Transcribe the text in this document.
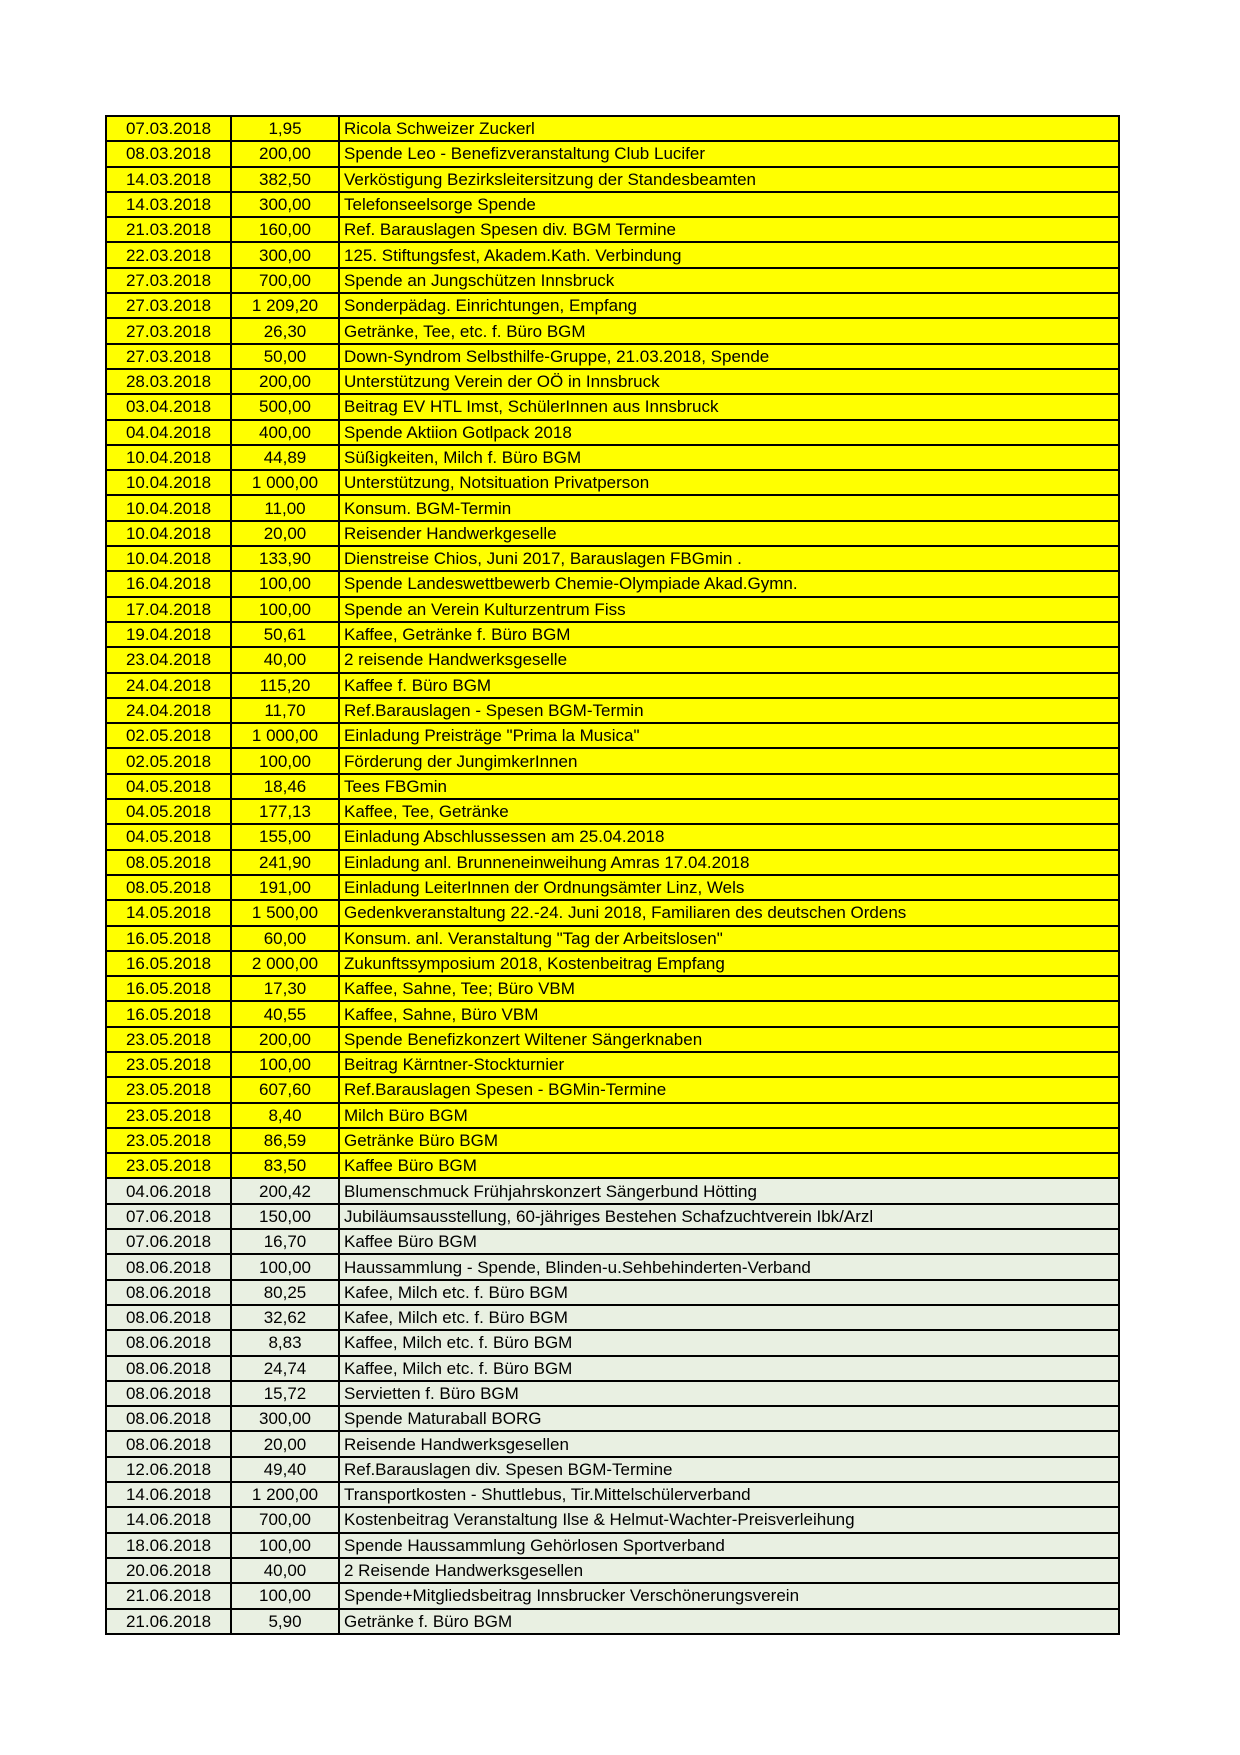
07.03.2018	1,95	Ricola Schweizer Zuckerl
08.03.2018	200,00	Spende Leo - Benefizveranstaltung Club Lucifer
14.03.2018	382,50	Verköstigung Bezirksleitersitzung der Standesbeamten
14.03.2018	300,00	Telefonseelsorge Spende
21.03.2018	160,00	Ref. Barauslagen Spesen div. BGM Termine
22.03.2018	300,00	125. Stiftungsfest, Akadem.Kath. Verbindung
27.03.2018	700,00	Spende an Jungschützen Innsbruck
27.03.2018	1 209,20	Sonderpädag. Einrichtungen, Empfang
27.03.2018	26,30	Getränke, Tee, etc. f. Büro BGM
27.03.2018	50,00	Down-Syndrom Selbsthilfe-Gruppe, 21.03.2018, Spende
28.03.2018	200,00	Unterstützung Verein der OÖ in Innsbruck
03.04.2018	500,00	Beitrag EV HTL Imst, SchülerInnen aus Innsbruck
04.04.2018	400,00	Spende Aktiion Gotlpack 2018
10.04.2018	44,89	Süßigkeiten, Milch f. Büro BGM
10.04.2018	1 000,00	Unterstützung, Notsituation Privatperson
10.04.2018	11,00	Konsum. BGM-Termin
10.04.2018	20,00	Reisender Handwerkgeselle
10.04.2018	133,90	Dienstreise Chios, Juni 2017, Barauslagen FBGmin .
16.04.2018	100,00	Spende Landeswettbewerb Chemie-Olympiade Akad.Gymn.
17.04.2018	100,00	Spende an Verein Kulturzentrum Fiss
19.04.2018	50,61	Kaffee, Getränke f. Büro BGM
23.04.2018	40,00	2 reisende Handwerksgeselle
24.04.2018	115,20	Kaffee f. Büro BGM
24.04.2018	11,70	Ref.Barauslagen - Spesen BGM-Termin
02.05.2018	1 000,00	Einladung Preisträge "Prima la Musica"
02.05.2018	100,00	Förderung der JungimkerInnen
04.05.2018	18,46	Tees FBGmin
04.05.2018	177,13	Kaffee, Tee, Getränke
04.05.2018	155,00	Einladung Abschlussessen am 25.04.2018
08.05.2018	241,90	Einladung anl. Brunneneinweihung Amras 17.04.2018
08.05.2018	191,00	Einladung LeiterInnen der Ordnungsämter Linz, Wels
14.05.2018	1 500,00	Gedenkveranstaltung 22.-24. Juni 2018, Familiaren des deutschen Ordens
16.05.2018	60,00	Konsum. anl. Veranstaltung "Tag der Arbeitslosen"
16.05.2018	2 000,00	Zukunftssymposium 2018, Kostenbeitrag Empfang
16.05.2018	17,30	Kaffee, Sahne, Tee; Büro VBM
16.05.2018	40,55	Kaffee, Sahne, Büro VBM
23.05.2018	200,00	Spende Benefizkonzert Wiltener Sängerknaben
23.05.2018	100,00	Beitrag Kärntner-Stockturnier
23.05.2018	607,60	Ref.Barauslagen Spesen - BGMin-Termine
23.05.2018	8,40	Milch Büro BGM
23.05.2018	86,59	Getränke Büro BGM
23.05.2018	83,50	Kaffee Büro BGM
04.06.2018	200,42	Blumenschmuck Frühjahrskonzert Sängerbund Hötting
07.06.2018	150,00	Jubiläumsausstellung, 60-jähriges Bestehen Schafzuchtverein Ibk/Arzl
07.06.2018	16,70	Kaffee Büro BGM
08.06.2018	100,00	Haussammlung - Spende, Blinden-u.Sehbehinderten-Verband
08.06.2018	80,25	Kafee, Milch etc. f. Büro BGM
08.06.2018	32,62	Kafee, Milch etc. f. Büro BGM
08.06.2018	8,83	Kaffee, Milch etc. f. Büro BGM
08.06.2018	24,74	Kaffee, Milch etc. f. Büro BGM
08.06.2018	15,72	Servietten f. Büro BGM
08.06.2018	300,00	Spende Maturaball BORG
08.06.2018	20,00	Reisende Handwerksgesellen
12.06.2018	49,40	Ref.Barauslagen div. Spesen BGM-Termine
14.06.2018	1 200,00	Transportkosten - Shuttlebus, Tir.Mittelschülerverband
14.06.2018	700,00	Kostenbeitrag Veranstaltung Ilse & Helmut-Wachter-Preisverleihung
18.06.2018	100,00	Spende Haussammlung Gehörlosen Sportverband
20.06.2018	40,00	2 Reisende Handwerksgesellen
21.06.2018	100,00	Spende+Mitgliedsbeitrag Innsbrucker Verschönerungsverein
21.06.2018	5,90	Getränke f. Büro BGM
